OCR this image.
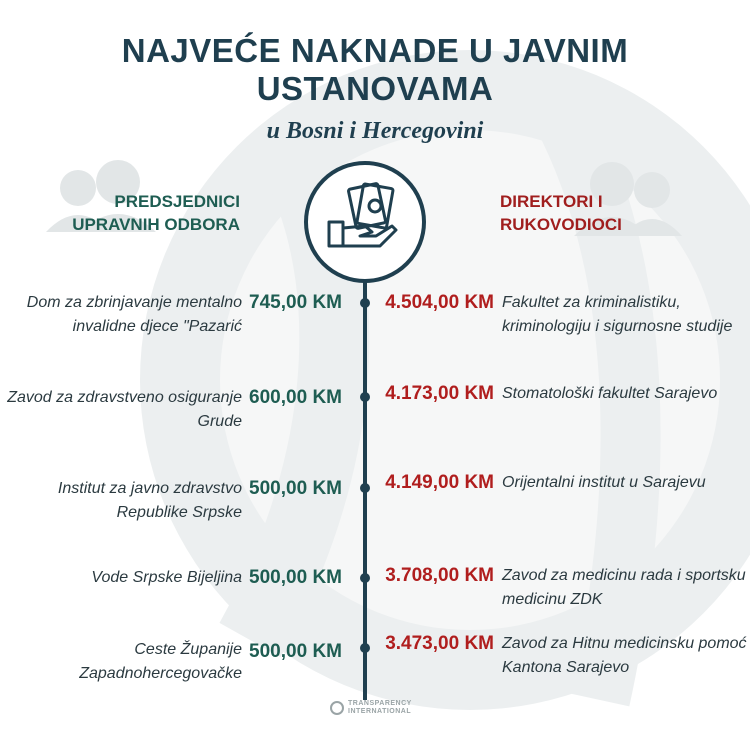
NAJVEĆE NAKNADE U JAVNIM
USTANOVAMA
u Bosni i Hercegovini
PREDSJEDNICI
UPRAVNIH ODBORA
DIREKTORI I
RUKOVODIOCI
Dom za zbrinjavanje mentalno
invalidne djece "Pazarić
745,00 KM 4.504,00 KM Fakultet za kriminalistiku,
kriminologiju i sigurnosne studije
Zavod za zdravstveno osiguranje
Grude
600,00 KM 4.173,00 KM Stomatološki fakultet Sarajevo
Institut za javno zdravstvo
Republike Srpske
500,00 KM 4.149,00 KM Orijentalni institut u Sarajevu
Vode Srpske Bijeljina 500,00 KM 3.708,00 KM Zavod za medicinu rada i sportsku
medicinu ZDK
Ceste Županije
Zapadnohercegovačke
500,00 KM 3.473,00 KM Zavod za Hitnu medicinsku pomoć
Kantona Sarajevo
TRANSPARENCY
INTERNATIONAL
